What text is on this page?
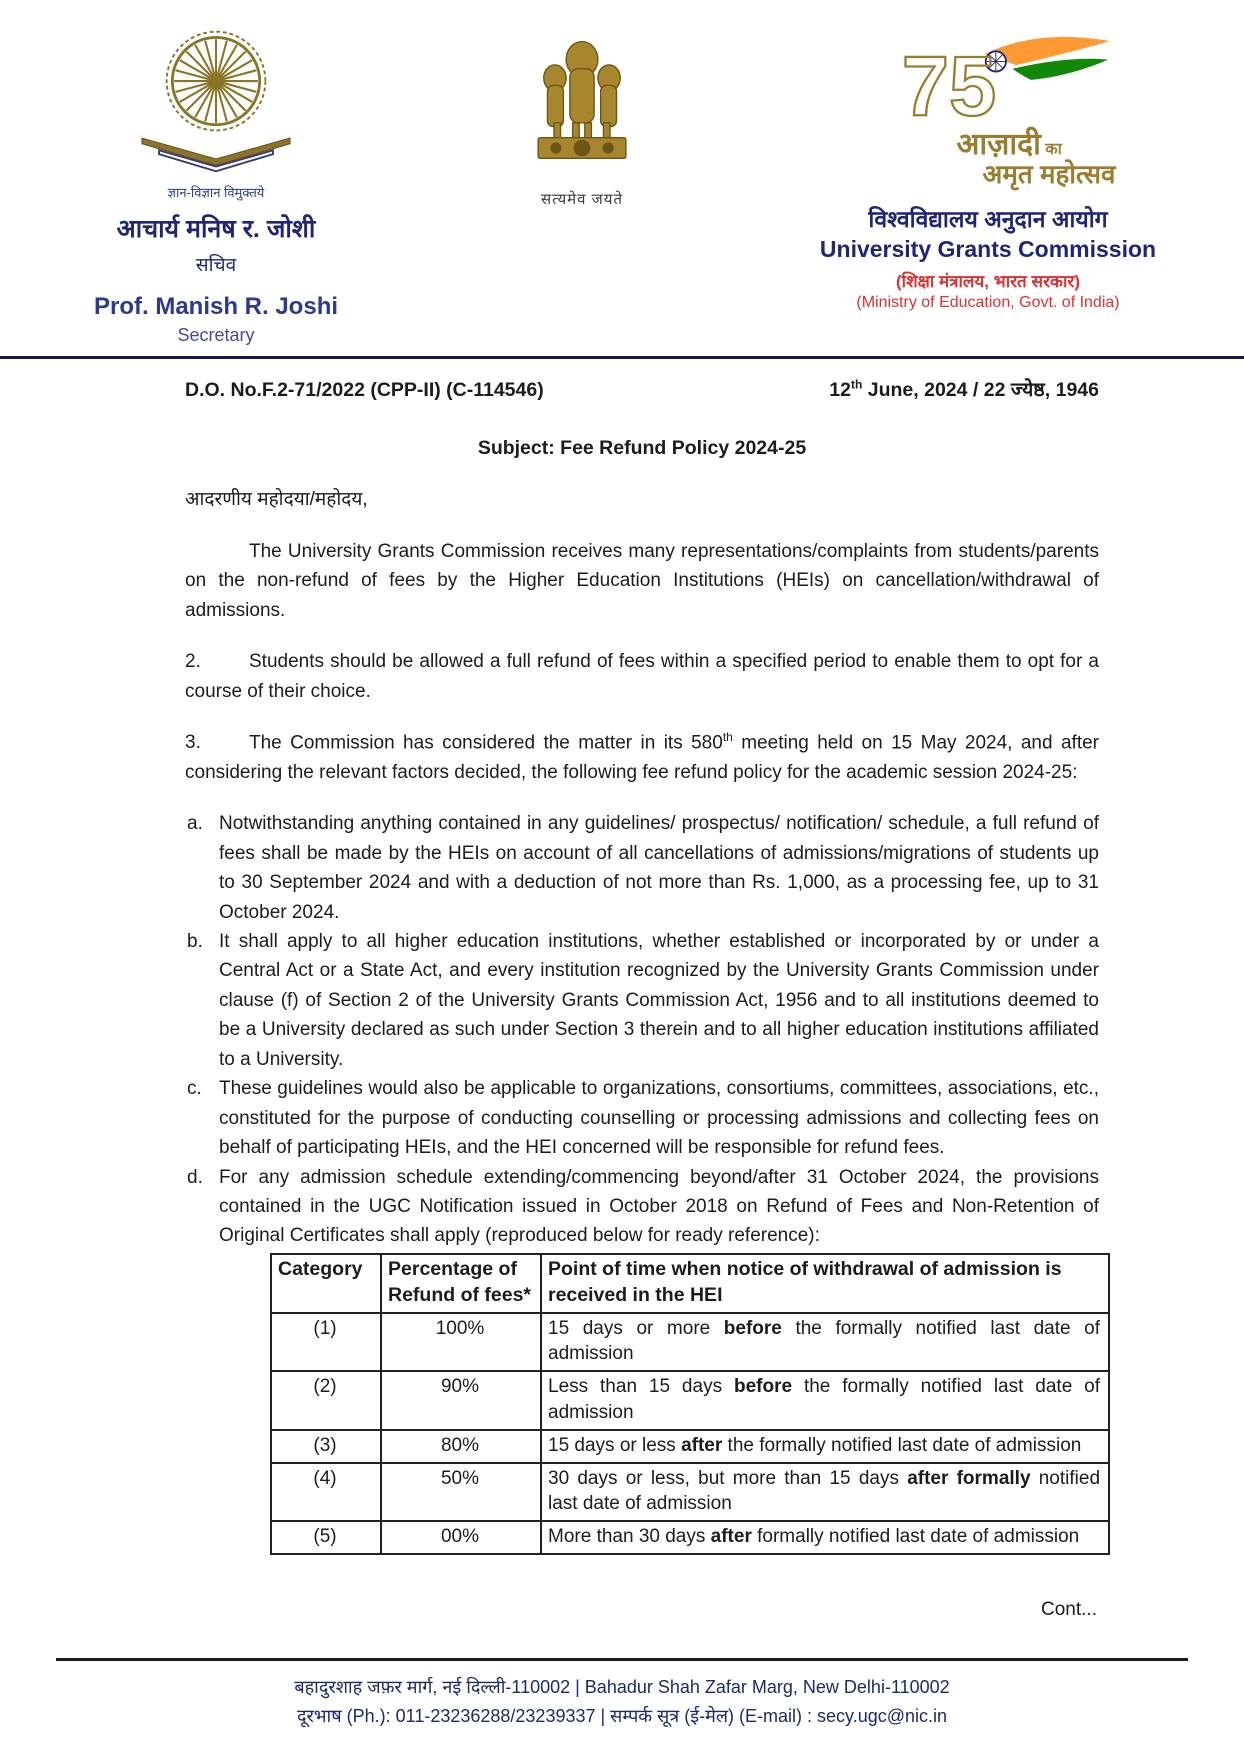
ज्ञान-विज्ञान विमुक्तये
आचार्य मनिष र. जोशी
सचिव
Prof. Manish R. Joshi
Secretary
सत्यमेव जयते
75
आज़ादी का
अमृत महोत्सव
विश्वविद्यालय अनुदान आयोग
University Grants Commission
(शिक्षा मंत्रालय, भारत सरकार)
(Ministry of Education, Govt. of India)
D.O. No.F.2-71/2022 (CPP-II) (C-114546)	12th June, 2024 / 22 ज्येष्ठ, 1946
Subject: Fee Refund Policy 2024-25
आदरणीय महोदया/महोदय,

The University Grants Commission receives many representations/complaints from students/parents on the non-refund of fees by the Higher Education Institutions (HEIs) on cancellation/withdrawal of admissions.

2.	Students should be allowed a full refund of fees within a specified period to enable them to opt for a course of their choice.

3.	The Commission has considered the matter in its 580th meeting held on 15 May 2024, and after considering the relevant factors decided, the following fee refund policy for the academic session 2024-25:

a. Notwithstanding anything contained in any guidelines/ prospectus/ notification/ schedule, a full refund of fees shall be made by the HEIs on account of all cancellations of admissions/migrations of students up to 30 September 2024 and with a deduction of not more than Rs. 1,000, as a processing fee, up to 31 October 2024.
b. It shall apply to all higher education institutions, whether established or incorporated by or under a Central Act or a State Act, and every institution recognized by the University Grants Commission under clause (f) of Section 2 of the University Grants Commission Act, 1956 and to all institutions deemed to be a University declared as such under Section 3 therein and to all higher education institutions affiliated to a University.
c. These guidelines would also be applicable to organizations, consortiums, committees, associations, etc., constituted for the purpose of conducting counselling or processing admissions and collecting fees on behalf of participating HEIs, and the HEI concerned will be responsible for refund fees.
d. For any admission schedule extending/commencing beyond/after 31 October 2024, the provisions contained in the UGC Notification issued in October 2018 on Refund of Fees and Non-Retention of Original Certificates shall apply (reproduced below for ready reference):
Category	Percentage of Refund of fees*	Point of time when notice of withdrawal of admission is received in the HEI
(1)	100%	15 days or more before the formally notified last date of admission
(2)	90%	Less than 15 days before the formally notified last date of admission
(3)	80%	15 days or less after the formally notified last date of admission
(4)	50%	30 days or less, but more than 15 days after formally notified last date of admission
(5)	00%	More than 30 days after formally notified last date of admission
Cont...
बहादुरशाह जफ़र मार्ग, नई दिल्ली-110002 | Bahadur Shah Zafar Marg, New Delhi-110002
दूरभाष (Ph.): 011-23236288/23239337 | सम्पर्क सूत्र (ई-मेल) (E-mail) : secy.ugc@nic.in
